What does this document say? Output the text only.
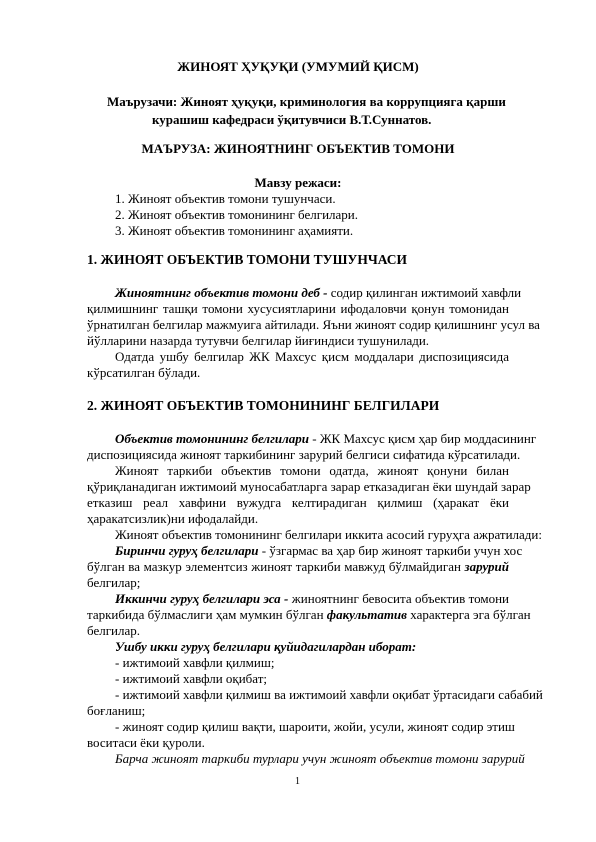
ЖИНОЯТ ҲУҚУҚИ (УМУМИЙ ҚИСМ)
Маърузачи: Жиноят ҳуқуқи, криминология ва коррупцияга қарши
курашиш кафедраси ўқитувчиси В.Т.Суннатов.
МАЪРУЗА: ЖИНОЯТНИНГ ОБЪЕКТИВ ТОМОНИ
Мавзу режаси:
1. Жиноят объектив томони тушунчаси.
2. Жиноят объектив томонининг белгилари.
3. Жиноят объектив томонининг аҳамияти.
1. ЖИНОЯТ ОБЪЕКТИВ ТОМОНИ ТУШУНЧАСИ
Жиноятнинг объектив томони деб - содир қилинган ижтимоий хавфли
қилмишнинг ташқи томони хусусиятларини ифодаловчи қонун томонидан
ўрнатилган белгилар мажмуига айтилади. Яъни жиноят содир қилишнинг усул ва
йўлларини назарда тутувчи белгилар йиғиндиси тушунилади.
Одатда ушбу белгилар ЖК Махсус қисм моддалари диспозициясида
кўрсатилган бўлади.
2. ЖИНОЯТ ОБЪЕКТИВ ТОМОНИНИНГ БЕЛГИЛАРИ
Объектив томонининг белгилари - ЖК Махсус қисм ҳар бир моддасининг
диспозициясида жиноят таркибининг зарурий белгиси сифатида кўрсатилади.
Жиноят таркиби объектив томони одатда, жиноят қонуни билан
қўриқланадиган ижтимоий муносабатларга зарар етказадиган ёки шундай зарар
етказиш реал хавфини вужудга келтирадиган қилмиш (ҳаракат ёки
ҳаракатсизлик)ни ифодалайди.
Жиноят объектив томонининг белгилари иккита асосий гуруҳга ажратилади:
Биринчи гуруҳ белгилари - ўзгармас ва ҳар бир жиноят таркиби учун хос
бўлган ва мазкур элементсиз жиноят таркиби мавжуд бўлмайдиган зарурий
белгилар;
Иккинчи гуруҳ белгилари эса - жиноятнинг бевосита объектив томони
таркибида бўлмаслиги ҳам мумкин бўлган факультатив характерга эга бўлган
белгилар.
Ушбу икки гуруҳ белгилари қуйидагилардан иборат:
- ижтимоий хавфли қилмиш;
- ижтимоий хавфли оқибат;
- ижтимоий хавфли қилмиш ва ижтимоий хавфли оқибат ўртасидаги сабабий
боғланиш;
- жиноят содир қилиш вақти, шароити, жойи, усули, жиноят содир этиш
воситаси ёки қуроли.
Барча жиноят таркиби турлари учун жиноят объектив томони зарурий
1
